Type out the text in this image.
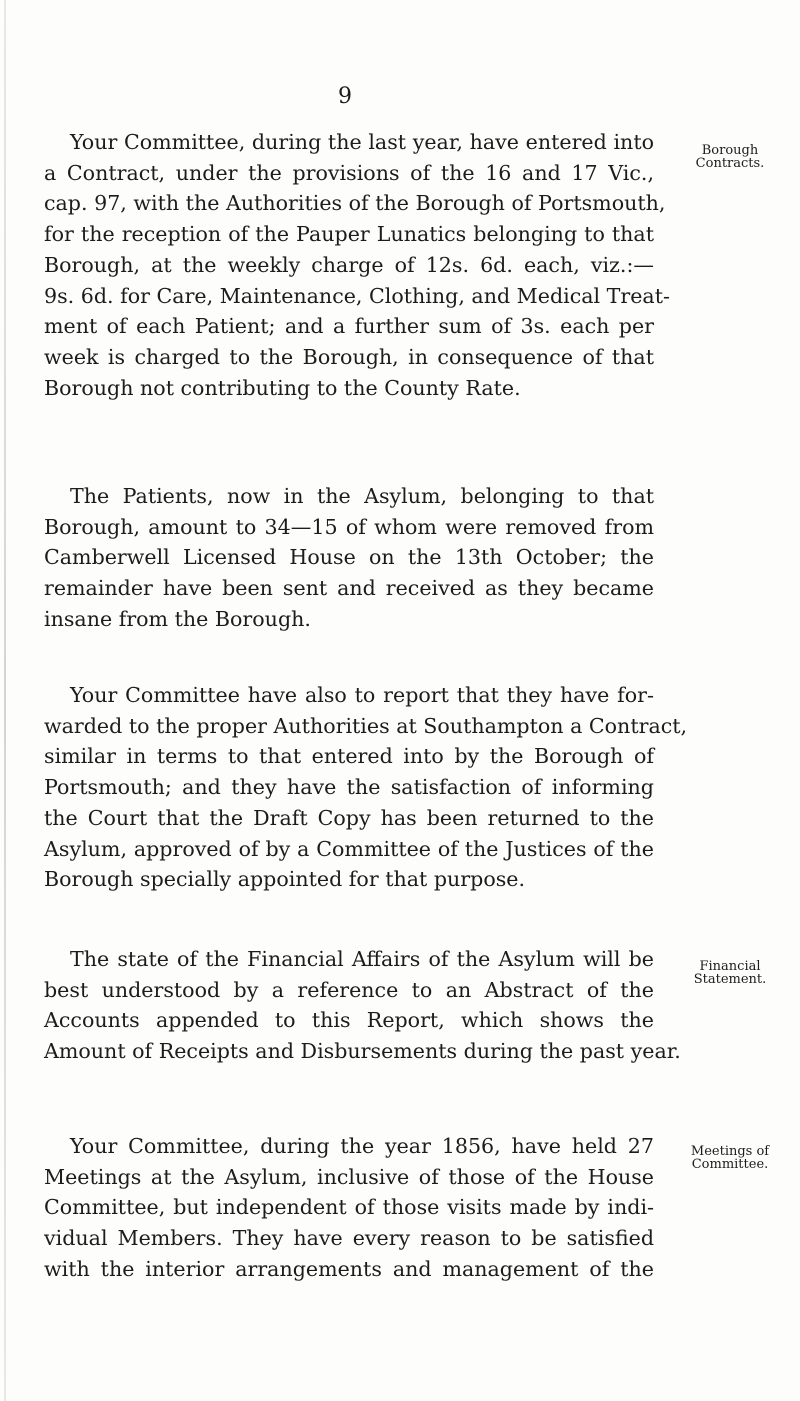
9
Your Committee, during the last year, have entered into
a Contract, under the provisions of the 16 and 17 Vic.,
cap. 97, with the Authorities of the Borough of Portsmouth,
for the reception of the Pauper Lunatics belonging to that
Borough, at the weekly charge of 12s. 6d. each, viz.:—
9s. 6d. for Care, Maintenance, Clothing, and Medical Treat-
ment of each Patient; and a further sum of 3s. each per
week is charged to the Borough, in consequence of that
Borough not contributing to the County Rate.
The Patients, now in the Asylum, belonging to that
Borough, amount to 34—15 of whom were removed from
Camberwell Licensed House on the 13th October; the
remainder have been sent and received as they became
insane from the Borough.
Your Committee have also to report that they have for-
warded to the proper Authorities at Southampton a Contract,
similar in terms to that entered into by the Borough of
Portsmouth; and they have the satisfaction of informing
the Court that the Draft Copy has been returned to the
Asylum, approved of by a Committee of the Justices of the
Borough specially appointed for that purpose.
The state of the Financial Affairs of the Asylum will be
best understood by a reference to an Abstract of the
Accounts appended to this Report, which shows the
Amount of Receipts and Disbursements during the past year.
Your Committee, during the year 1856, have held 27
Meetings at the Asylum, inclusive of those of the House
Committee, but independent of those visits made by indi-
vidual Members. They have every reason to be satisfied
with the interior arrangements and management of the
Borough
Contracts.
Financial
Statement.
Meetings of
Committee.
